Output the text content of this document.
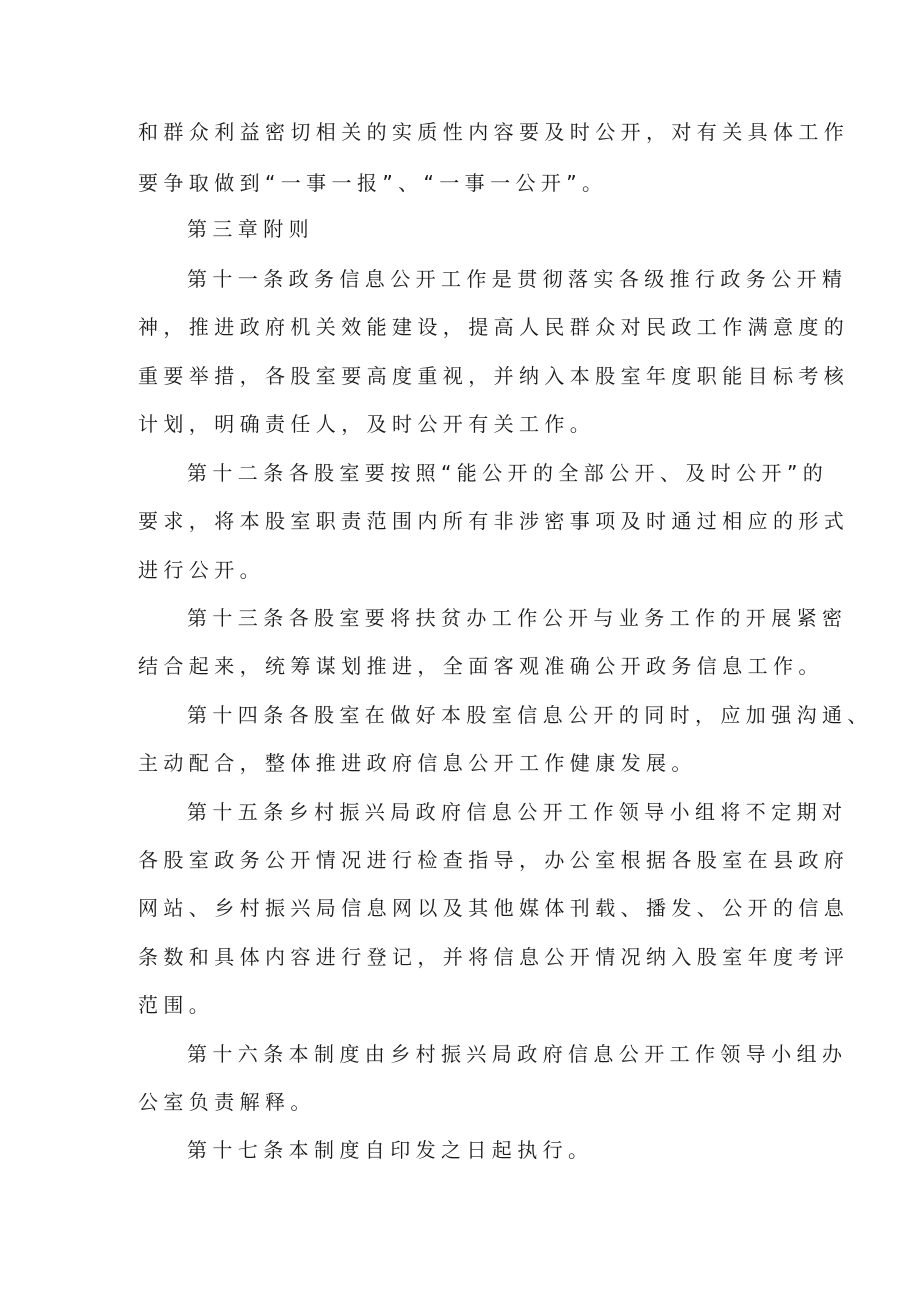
和群众利益密切相关的实质性内容要及时公开，对有关具体工作
要争取做到“一事一报”、“一事一公开”。
第三章附则
第十一条政务信息公开工作是贯彻落实各级推行政务公开精
神，推进政府机关效能建设，提高人民群众对民政工作满意度的
重要举措，各股室要高度重视，并纳入本股室年度职能目标考核
计划，明确责任人，及时公开有关工作。
第十二条各股室要按照“能公开的全部公开、及时公开”的
要求，将本股室职责范围内所有非涉密事项及时通过相应的形式
进行公开。
第十三条各股室要将扶贫办工作公开与业务工作的开展紧密
结合起来，统筹谋划推进，全面客观准确公开政务信息工作。
第十四条各股室在做好本股室信息公开的同时，应加强沟通、
主动配合，整体推进政府信息公开工作健康发展。
第十五条乡村振兴局政府信息公开工作领导小组将不定期对
各股室政务公开情况进行检查指导，办公室根据各股室在县政府
网站、乡村振兴局信息网以及其他媒体刊载、播发、公开的信息
条数和具体内容进行登记，并将信息公开情况纳入股室年度考评
范围。
第十六条本制度由乡村振兴局政府信息公开工作领导小组办
公室负责解释。
第十七条本制度自印发之日起执行。
